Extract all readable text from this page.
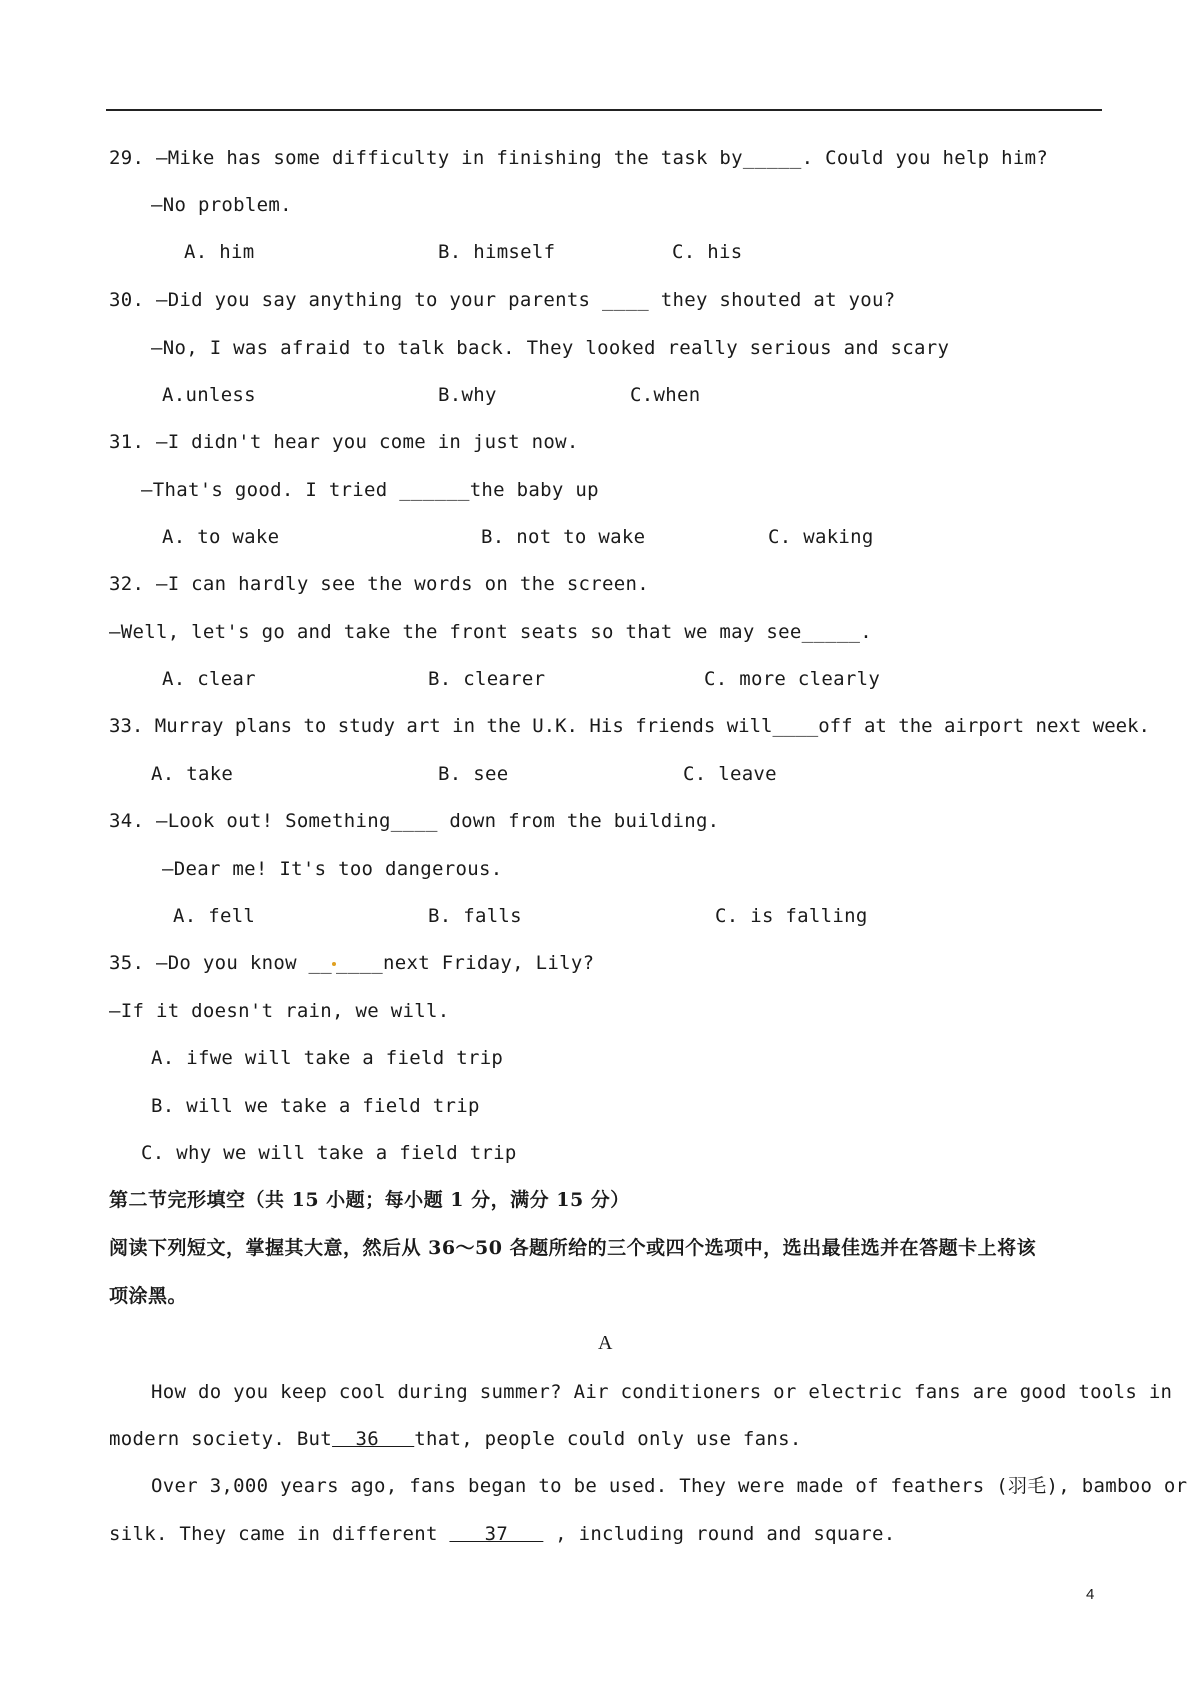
29. —Mike has some difficulty in finishing the task by_____. Could you help him?
—No problem.
A. him	B. himself	C. his
30. —Did you say anything to your parents ____ they shouted at you?
—No, I was afraid to talk back. They looked really serious and scary
A.unless	B.why	C.when
31. —I didn't hear you come in just now.
—That's good. I tried ______the baby up
A. to wake	B. not to wake	C. waking
32. —I can hardly see the words on the screen.
—Well, let's go and take the front seats so that we may see_____.
A. clear	B. clearer	C. more clearly
33. Murray plans to study art in the U.K. His friends will____off at the airport next week.
A. take	B. see	C. leave
34. —Look out! Something____ down from the building.
—Dear me! It's too dangerous.
A. fell	B. falls	C. is falling
35. —Do you know __ ____next Friday, Lily?
—If it doesn't rain, we will.
A. ifwe will take a field trip
B. will we take a field trip
C. why we will take a field trip
第二节完形填空（共 15 小题；每小题 1 分，满分 15 分）
阅读下列短文，掌握其大意，然后从 36～50 各题所给的三个或四个选项中，选出最佳选并在答题卡上将该
项涂黑。
A
How do you keep cool during summer? Air conditioners or electric fans are good tools in
modern society. But  36   that, people could only use fans.
Over 3,000 years ago, fans began to be used. They were made of feathers (羽毛), bamboo or
silk. They came in different    37    , including round and square.
4
